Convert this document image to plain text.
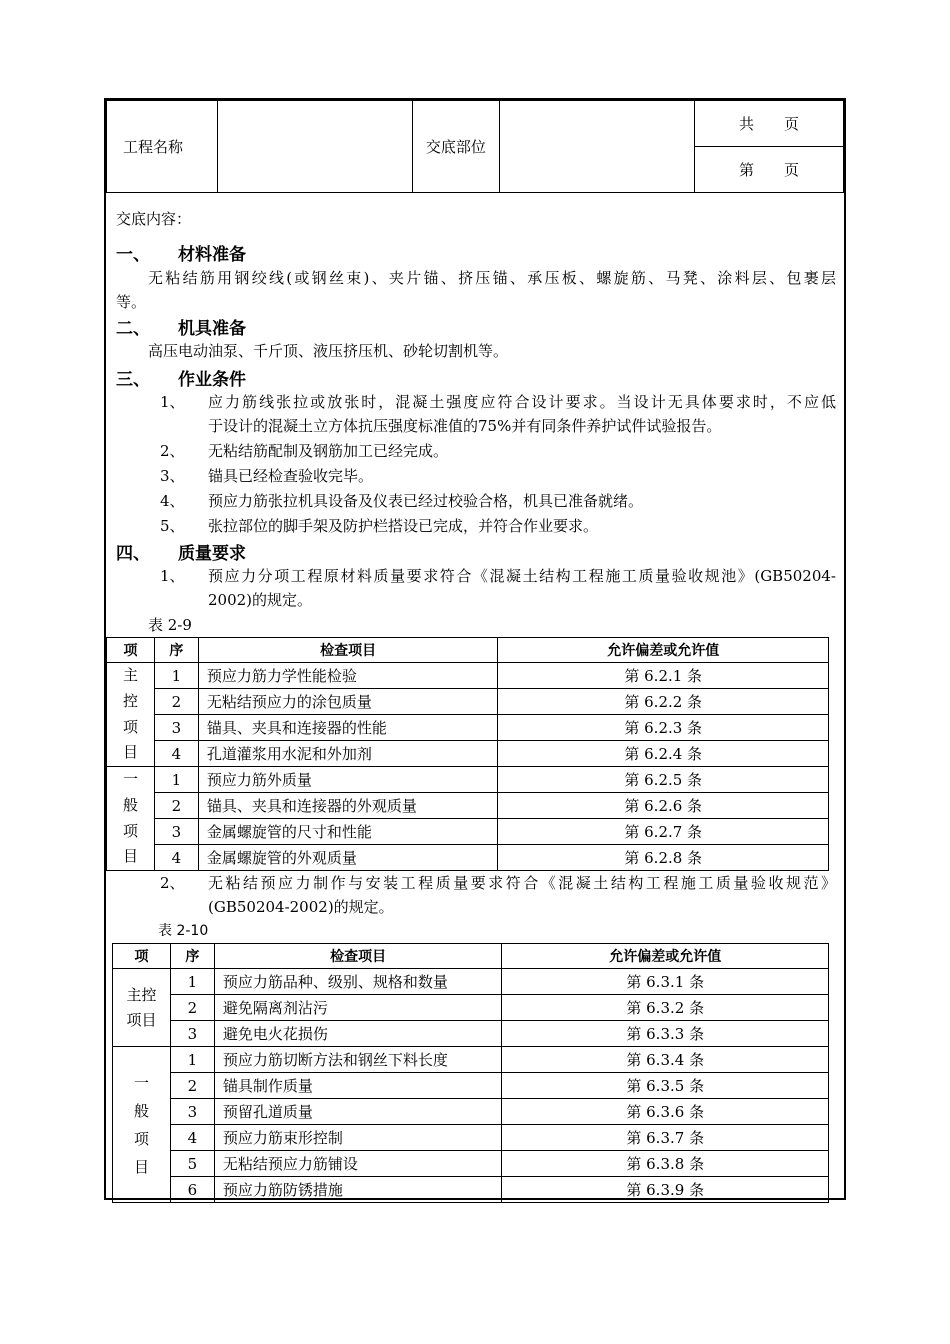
工程名称		交底部位		共　　页
第　　页
交底内容：
一、 材料准备
无粘结筋用钢绞线(或钢丝束)、夹片锚、挤压锚、承压板、螺旋筋、马凳、涂料层、包裹层
等。
二、 机具准备
高压电动油泵、千斤顶、液压挤压机、砂轮切割机等。
三、 作业条件
1、 应力筋线张拉或放张时，混凝土强度应符合设计要求。当设计无具体要求时，不应低
于设计的混凝土立方体抗压强度标准值的75%并有同条件养护试件试验报告。
2、 无粘结筋配制及钢筋加工已经完成。
3、 锚具已经检查验收完毕。
4、 预应力筋张拉机具设备及仪表已经过校验合格，机具已准备就绪。
5、 张拉部位的脚手架及防护栏搭设已完成，并符合作业要求。
四、 质量要求
1、 预应力分项工程原材料质量要求符合《混凝土结构工程施工质量验收规池》(GB50204-
2002)的规定。
表 2-9
项	序	检查项目	允许偏差或允许值

主控项目	1	预应力筋力学性能检验	第 6.2.1 条
	2	无粘结预应力的涂包质量	第 6.2.2 条
	3	锚具、夹具和连接器的性能	第 6.2.3 条
	4	孔道灌浆用水泥和外加剂	第 6.2.4 条

一般项目	1	预应力筋外质量	第 6.2.5 条
	2	锚具、夹具和连接器的外观质量	第 6.2.6 条
	3	金属螺旋管的尺寸和性能	第 6.2.7 条
	4	金属螺旋管的外观质量	第 6.2.8 条
2、 无粘结预应力制作与安装工程质量要求符合《混凝土结构工程施工质量验收规范》
(GB50204-2002)的规定。
表 2-10
项	序	检查项目	允许偏差或允许值

主控项目	1	预应力筋品种、级别、规格和数量	第 6.3.1 条
	2	避免隔离剂沾污	第 6.3.2 条
	3	避免电火花损伤	第 6.3.3 条

一般项目	1	预应力筋切断方法和钢丝下料长度	第 6.3.4 条
	2	锚具制作质量	第 6.3.5 条
	3	预留孔道质量	第 6.3.6 条
	4	预应力筋束形控制	第 6.3.7 条
	5	无粘结预应力筋铺设	第 6.3.8 条
	6	预应力筋防锈措施	第 6.3.9 条
